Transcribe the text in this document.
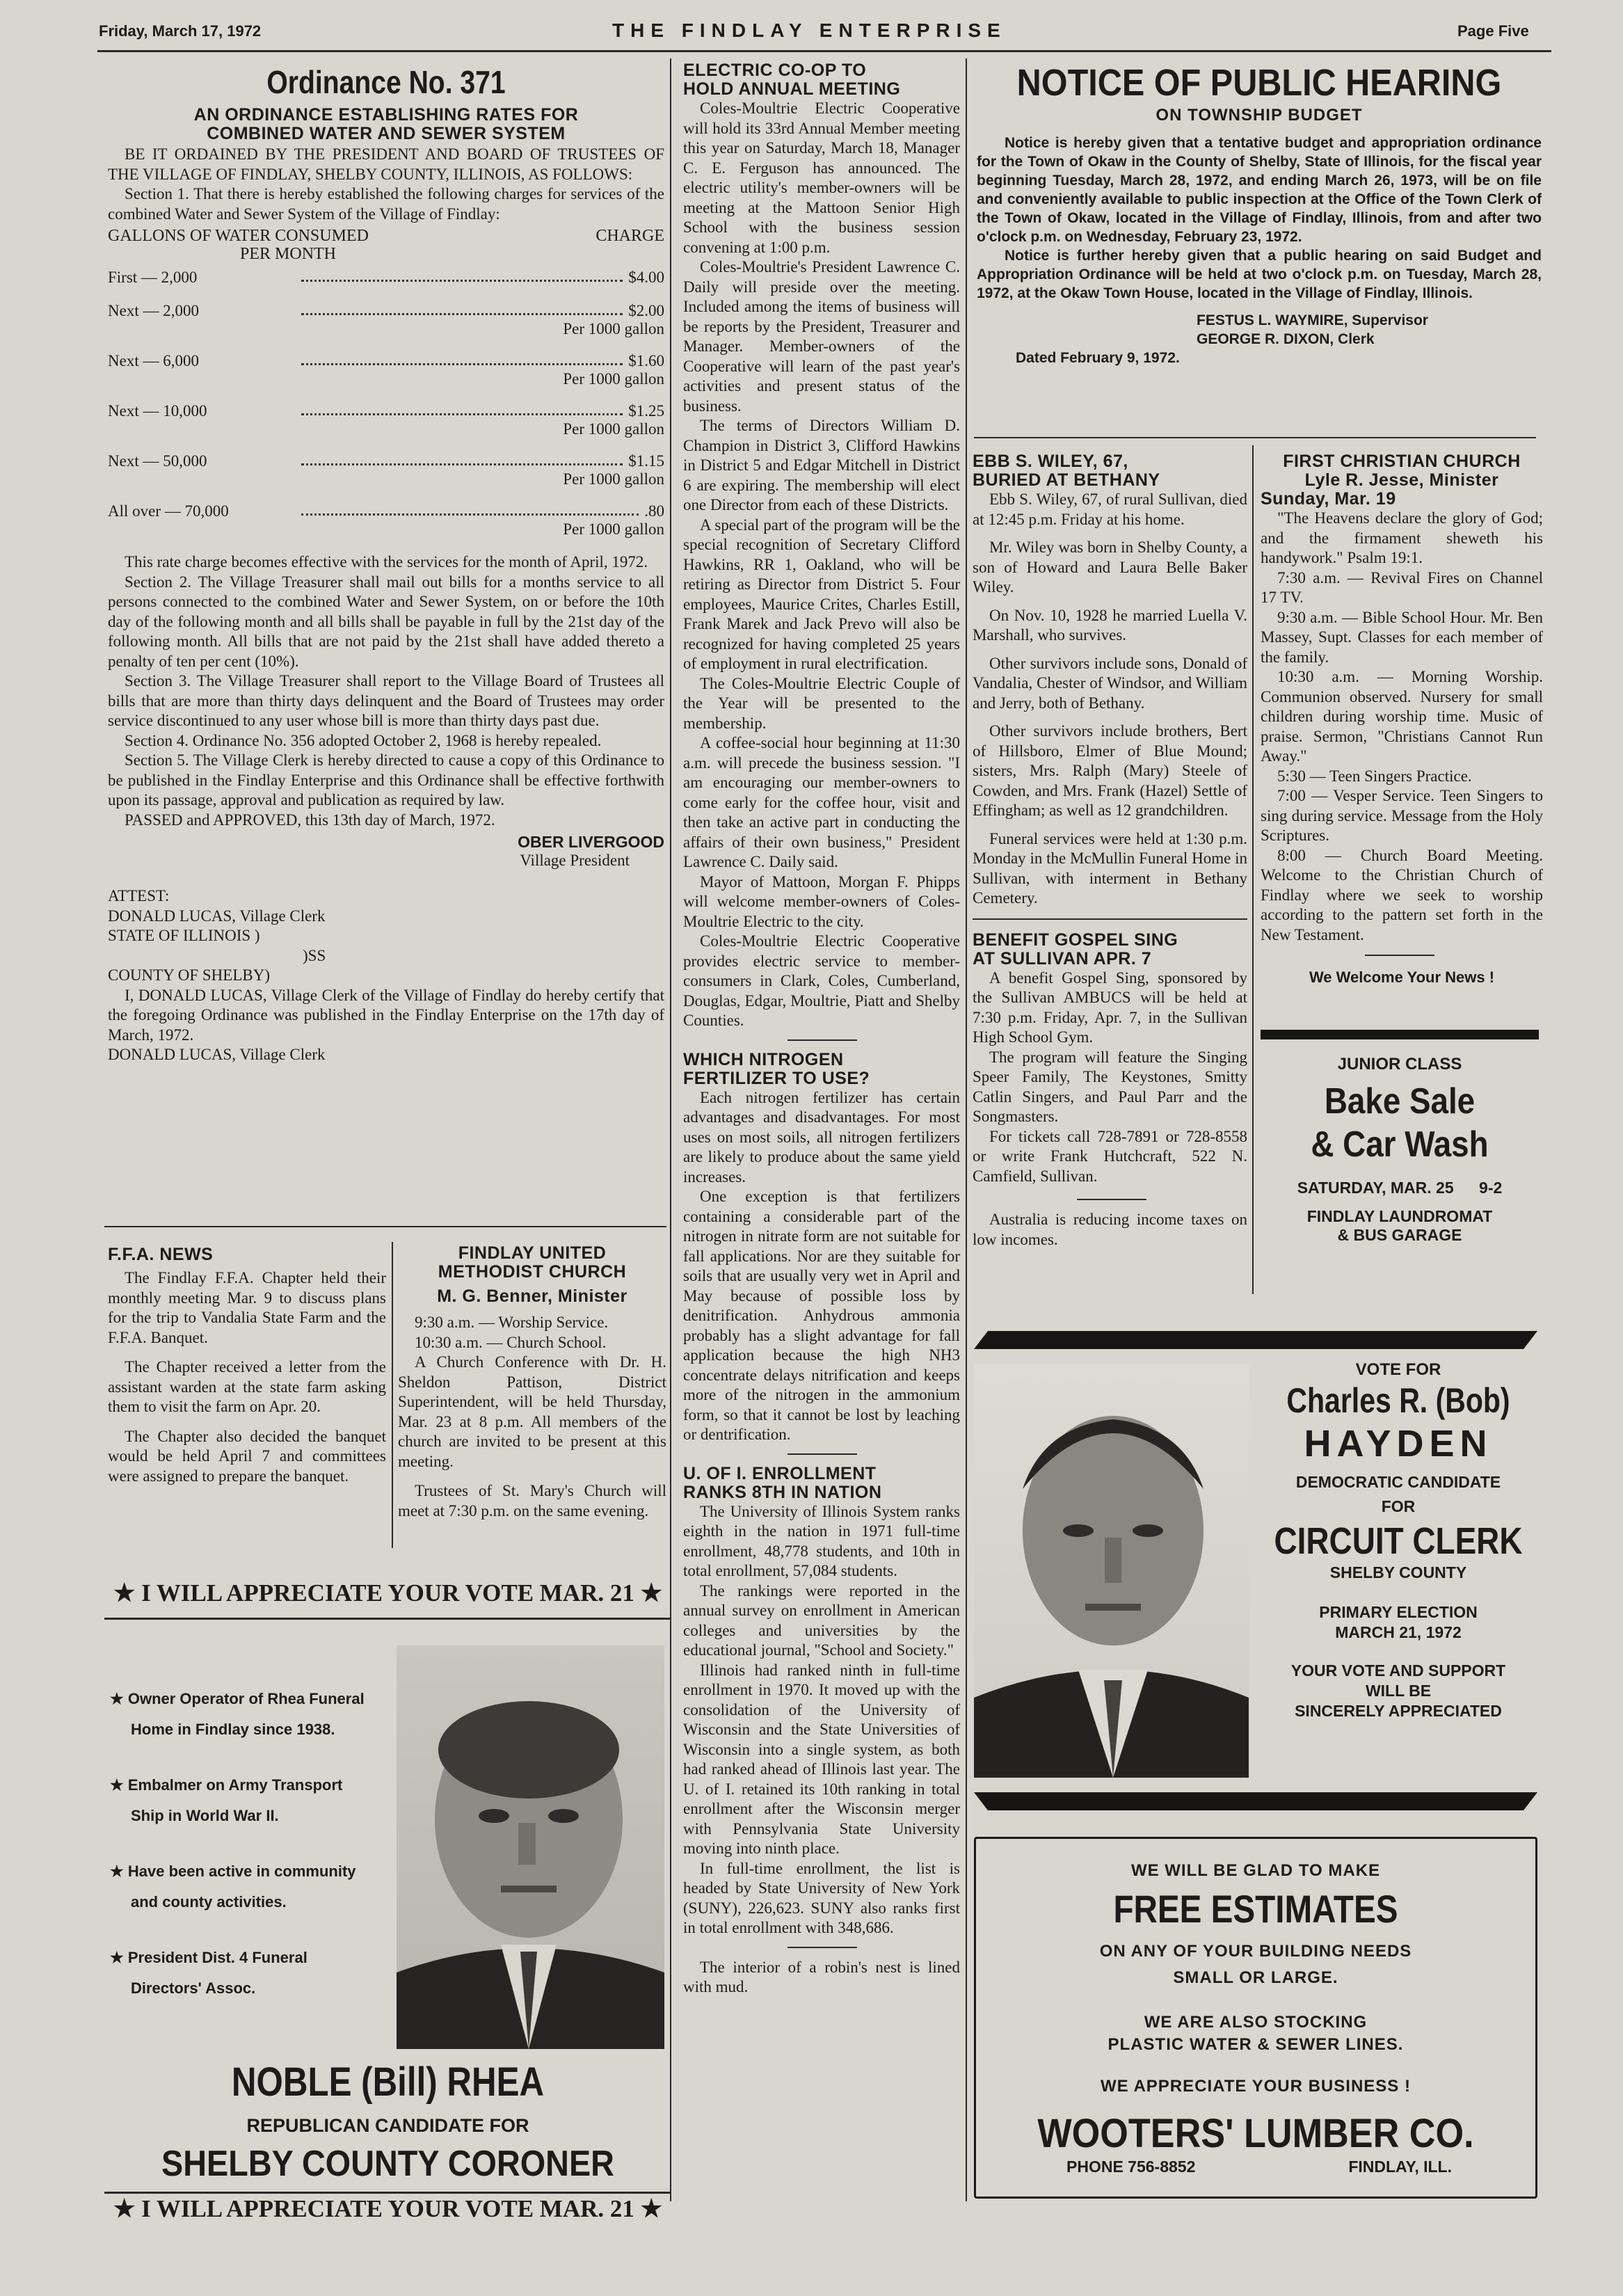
Friday, March 17, 1972	THE FINDLAY ENTERPRISE	Page Five
Ordinance No. 371
AN ORDINANCE ESTABLISHING RATES FOR
COMBINED WATER AND SEWER SYSTEM

BE IT ORDAINED BY THE PRESIDENT AND BOARD OF TRUSTEES OF THE VILLAGE OF FINDLAY, SHELBY COUNTY, ILLINOIS, AS FOLLOWS:

Section 1. That there is hereby established the following charges for services of the combined Water and Sewer System of the Village of Findlay:

GALLONS OF WATER CONSUMED	CHARGE
PER MONTH
First — 2,000	$4.00
Next — 2,000	$2.00
Per 1000 gallon
Next — 6,000	$1.60
Per 1000 gallon
Next — 10,000	$1.25
Per 1000 gallon
Next — 50,000	$1.15
Per 1000 gallon
All over — 70,000	.80
Per 1000 gallon

This rate charge becomes effective with the services for the month of April, 1972.

Section 2. The Village Treasurer shall mail out bills for a months service to all persons connected to the combined Water and Sewer System, on or before the 10th day of the following month and all bills shall be payable in full by the 21st day of the following month. All bills that are not paid by the 21st shall have added thereto a penalty of ten per cent (10%).

Section 3. The Village Treasurer shall report to the Village Board of Trustees all bills that are more than thirty days delinquent and the Board of Trustees may order service discontinued to any user whose bill is more than thirty days past due.

Section 4. Ordinance No. 356 adopted October 2, 1968 is hereby repealed.

Section 5. The Village Clerk is hereby directed to cause a copy of this Ordinance to be published in the Findlay Enterprise and this Ordinance shall be effective forthwith upon its passage, approval and publication as required by law.

PASSED and APPROVED, this 13th day of March, 1972.

OBER LIVERGOOD
Village President
ATTEST:
DONALD LUCAS, Village Clerk
STATE OF ILLINOIS )
)SS
COUNTY OF SHELBY)

I, DONALD LUCAS, Village Clerk of the Village of Findlay do hereby certify that the foregoing Ordinance was published in the Findlay Enterprise on the 17th day of March, 1972.

DONALD LUCAS, Village Clerk
F.F.A. NEWS

The Findlay F.F.A. Chapter held their monthly meeting Mar. 9 to discuss plans for the trip to Vandalia State Farm and the F.F.A. Banquet.

The Chapter received a letter from the assistant warden at the state farm asking them to visit the farm on Apr. 20.

The Chapter also decided the banquet would be held April 7 and committees were assigned to prepare the banquet.

FINDLAY UNITED
METHODIST CHURCH
M. G. Benner, Minister

9:30 a.m. — Worship Service.

10:30 a.m. — Church School.

A Church Conference with Dr. H. Sheldon Pattison, District Superintendent, will be held Thursday, Mar. 23 at 8 p.m. All members of the church are invited to be present at this meeting.

Trustees of St. Mary's Church will meet at 7:30 p.m. on the same evening.

★ I WILL APPRECIATE YOUR VOTE MAR. 21 ★
★ Owner Operator of Rhea Funeral
Home in Findlay since 1938.
★ Embalmer on Army Transport
Ship in World War II.
★ Have been active in community
and county activities.
★ President Dist. 4 Funeral
Directors' Assoc.
NOBLE (Bill) RHEA
REPUBLICAN CANDIDATE FOR
SHELBY COUNTY CORONER
★ I WILL APPRECIATE YOUR VOTE MAR. 21 ★
ELECTRIC CO-OP TO
HOLD ANNUAL MEETING

Coles-Moultrie Electric Cooperative will hold its 33rd Annual Member meeting this year on Saturday, March 18, Manager C. E. Ferguson has announced. The electric utility's member-owners will be meeting at the Mattoon Senior High School with the business session convening at 1:00 p.m.

Coles-Moultrie's President Lawrence C. Daily will preside over the meeting. Included among the items of business will be reports by the President, Treasurer and Manager. Member-owners of the Cooperative will learn of the past year's activities and present status of the business.

The terms of Directors William D. Champion in District 3, Clifford Hawkins in District 5 and Edgar Mitchell in District 6 are expiring. The membership will elect one Director from each of these Districts.

A special part of the program will be the special recognition of Secretary Clifford Hawkins, RR 1, Oakland, who will be retiring as Director from District 5. Four employees, Maurice Crites, Charles Estill, Frank Marek and Jack Prevo will also be recognized for having completed 25 years of employment in rural electrification.

The Coles-Moultrie Electric Couple of the Year will be presented to the membership.

A coffee-social hour beginning at 11:30 a.m. will precede the business session. "I am encouraging our member-owners to come early for the coffee hour, visit and then take an active part in conducting the affairs of their own business," President Lawrence C. Daily said.

Mayor of Mattoon, Morgan F. Phipps will welcome member-owners of Coles-Moultrie Electric to the city.

Coles-Moultrie Electric Cooperative provides electric service to member-consumers in Clark, Coles, Cumberland, Douglas, Edgar, Moultrie, Piatt and Shelby Counties.

WHICH NITROGEN
FERTILIZER TO USE?

Each nitrogen fertilizer has certain advantages and disadvantages. For most uses on most soils, all nitrogen fertilizers are likely to produce about the same yield increases.

One exception is that fertilizers containing a considerable part of the nitrogen in nitrate form are not suitable for fall applications. Nor are they suitable for soils that are usually very wet in April and May because of possible loss by denitrification. Anhydrous ammonia probably has a slight advantage for fall application because the high NH3 concentrate delays nitrification and keeps more of the nitrogen in the ammonium form, so that it cannot be lost by leaching or dentrification.

U. OF I. ENROLLMENT
RANKS 8TH IN NATION

The University of Illinois System ranks eighth in the nation in 1971 full-time enrollment, 48,778 students, and 10th in total enrollment, 57,084 students.

The rankings were reported in the annual survey on enrollment in American colleges and universities by the educational journal, "School and Society."

Illinois had ranked ninth in full-time enrollment in 1970. It moved up with the consolidation of the University of Wisconsin and the State Universities of Wisconsin into a single system, as both had ranked ahead of Illinois last year. The U. of I. retained its 10th ranking in total enrollment after the Wisconsin merger with Pennsylvania State University moving into ninth place.

In full-time enrollment, the list is headed by State University of New York (SUNY), 226,623. SUNY also ranks first in total enrollment with 348,686.

The interior of a robin's nest is lined with mud.

NOTICE OF PUBLIC HEARING
ON TOWNSHIP BUDGET

Notice is hereby given that a tentative budget and appropriation ordinance for the Town of Okaw in the County of Shelby, State of Illinois, for the fiscal year beginning Tuesday, March 28, 1972, and ending March 26, 1973, will be on file and conveniently available to public inspection at the Office of the Town Clerk of the Town of Okaw, located in the Village of Findlay, Illinois, from and after two o'clock p.m. on Wednesday, February 23, 1972.

Notice is further hereby given that a public hearing on said Budget and Appropriation Ordinance will be held at two o'clock p.m. on Tuesday, March 28, 1972, at the Okaw Town House, located in the Village of Findlay, Illinois.

FESTUS L. WAYMIRE, Supervisor
GEORGE R. DIXON, Clerk
Dated February 9, 1972.
EBB S. WILEY, 67,
BURIED AT BETHANY

Ebb S. Wiley, 67, of rural Sullivan, died at 12:45 p.m. Friday at his home.

Mr. Wiley was born in Shelby County, a son of Howard and Laura Belle Baker Wiley.

On Nov. 10, 1928 he married Luella V. Marshall, who survives.

Other survivors include sons, Donald of Vandalia, Chester of Windsor, and William and Jerry, both of Bethany.

Other survivors include brothers, Bert of Hillsboro, Elmer of Blue Mound; sisters, Mrs. Ralph (Mary) Steele of Cowden, and Mrs. Frank (Hazel) Settle of Effingham; as well as 12 grandchildren.

Funeral services were held at 1:30 p.m. Monday in the McMullin Funeral Home in Sullivan, with interment in Bethany Cemetery.

BENEFIT GOSPEL SING
AT SULLIVAN APR. 7

A benefit Gospel Sing, sponsored by the Sullivan AMBUCS will be held at 7:30 p.m. Friday, Apr. 7, in the Sullivan High School Gym.

The program will feature the Singing Speer Family, The Keystones, Smitty Catlin Singers, and Paul Parr and the Songmasters.

For tickets call 728-7891 or 728-8558 or write Frank Hutchcraft, 522 N. Camfield, Sullivan.

Australia is reducing income taxes on low incomes.

FIRST CHRISTIAN CHURCH
Lyle R. Jesse, Minister
Sunday, Mar. 19

"The Heavens declare the glory of God; and the firmament sheweth his handywork." Psalm 19:1.

7:30 a.m. — Revival Fires on Channel 17 TV.

9:30 a.m. — Bible School Hour. Mr. Ben Massey, Supt. Classes for each member of the family.

10:30 a.m. — Morning Worship. Communion observed. Nursery for small children during worship time. Music of praise. Sermon, "Christians Cannot Run Away."

5:30 — Teen Singers Practice.

7:00 — Vesper Service. Teen Singers to sing during service. Message from the Holy Scriptures.

8:00 — Church Board Meeting. Welcome to the Christian Church of Findlay where we seek to worship according to the pattern set forth in the New Testament.

We Welcome Your News !
JUNIOR CLASS
Bake Sale
& Car Wash
SATURDAY, MAR. 25 9-2
FINDLAY LAUNDROMAT
& BUS GARAGE
VOTE FOR
Charles R. (Bob)
HAYDEN
DEMOCRATIC CANDIDATE
FOR
CIRCUIT CLERK
SHELBY COUNTY
PRIMARY ELECTION
MARCH 21, 1972
YOUR VOTE AND SUPPORT
WILL BE
SINCERELY APPRECIATED
WE WILL BE GLAD TO MAKE
FREE ESTIMATES
ON ANY OF YOUR BUILDING NEEDS
SMALL OR LARGE.
WE ARE ALSO STOCKING
PLASTIC WATER & SEWER LINES.
WE APPRECIATE YOUR BUSINESS !
WOOTERS' LUMBER CO.
PHONE 756-8852	FINDLAY, ILL.
